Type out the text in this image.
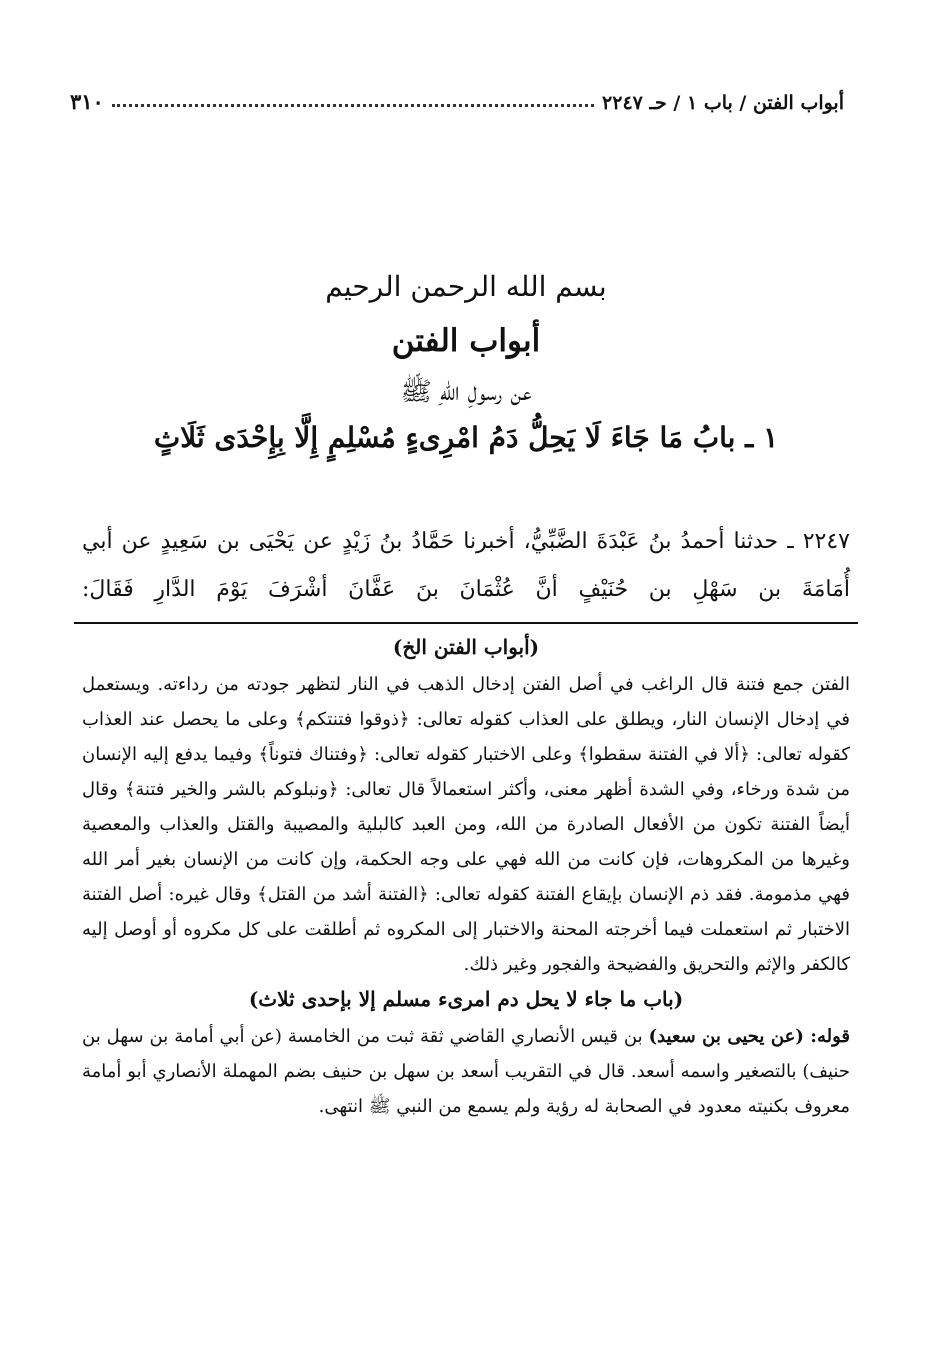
٣١٠	أبواب الفتن / باب ١ / حـ ٢٢٤٧
بسم الله الرحمن الرحيم
أبواب الفتن
عن رسولِ اللهِ ﷺ
١ ـ بابُ مَا جَاءَ لَا يَحِلُّ دَمُ امْرِىءٍ مُسْلِمٍ إِلَّا بِإِحْدَى ثَلَاثٍ

٢٢٤٧ ـ حدثنا أحمدُ بنُ عَبْدَةَ الضَّبِّيُّ، أخبرنا حَمَّادُ بنُ زَيْدٍ عن يَحْيَى بن سَعِيدٍ عن أبي أُمَامَةَ بن سَهْلِ بن حُنَيْفٍ أنَّ عُثْمَانَ بنَ عَفَّانَ أشْرَفَ يَوْمَ الدَّارِ فَقَالَ:

(أبواب الفتن الخ)

الفتن جمع فتنة قال الراغب في أصل الفتن إدخال الذهب في النار لتظهر جودته من رداءته. ويستعمل في إدخال الإنسان النار، ويطلق على العذاب كقوله تعالى: ﴿ذوقوا فتنتكم﴾ وعلى ما يحصل عند العذاب كقوله تعالى: ﴿ألا في الفتنة سقطوا﴾ وعلى الاختبار كقوله تعالى: ﴿وفتناك فتوناً﴾ وفيما يدفع إليه الإنسان من شدة ورخاء، وفي الشدة أظهر معنى، وأكثر استعمالاً قال تعالى: ﴿ونبلوكم بالشر والخير فتنة﴾ وقال أيضاً الفتنة تكون من الأفعال الصادرة من الله، ومن العبد كالبلية والمصيبة والقتل والعذاب والمعصية وغيرها من المكروهات، فإن كانت من الله فهي على وجه الحكمة، وإن كانت من الإنسان بغير أمر الله فهي مذمومة. فقد ذم الإنسان بإيقاع الفتنة كقوله تعالى: ﴿الفتنة أشد من القتل﴾ وقال غيره: أصل الفتنة الاختبار ثم استعملت فيما أخرجته المحنة والاختبار إلى المكروه ثم أطلقت على كل مكروه أو أوصل إليه كالكفر والإثم والتحريق والفضيحة والفجور وغير ذلك.

(باب ما جاء لا يحل دم امرىء مسلم إلا بإحدى ثلاث)

قوله: (عن يحيى بن سعيد) بن قيس الأنصاري القاضي ثقة ثبت من الخامسة (عن أبي أمامة بن سهل بن حنيف) بالتصغير واسمه أسعد. قال في التقريب أسعد بن سهل بن حنيف بضم المهملة الأنصاري أبو أمامة معروف بكنيته معدود في الصحابة له رؤية ولم يسمع من النبي ﷺ انتهى.
